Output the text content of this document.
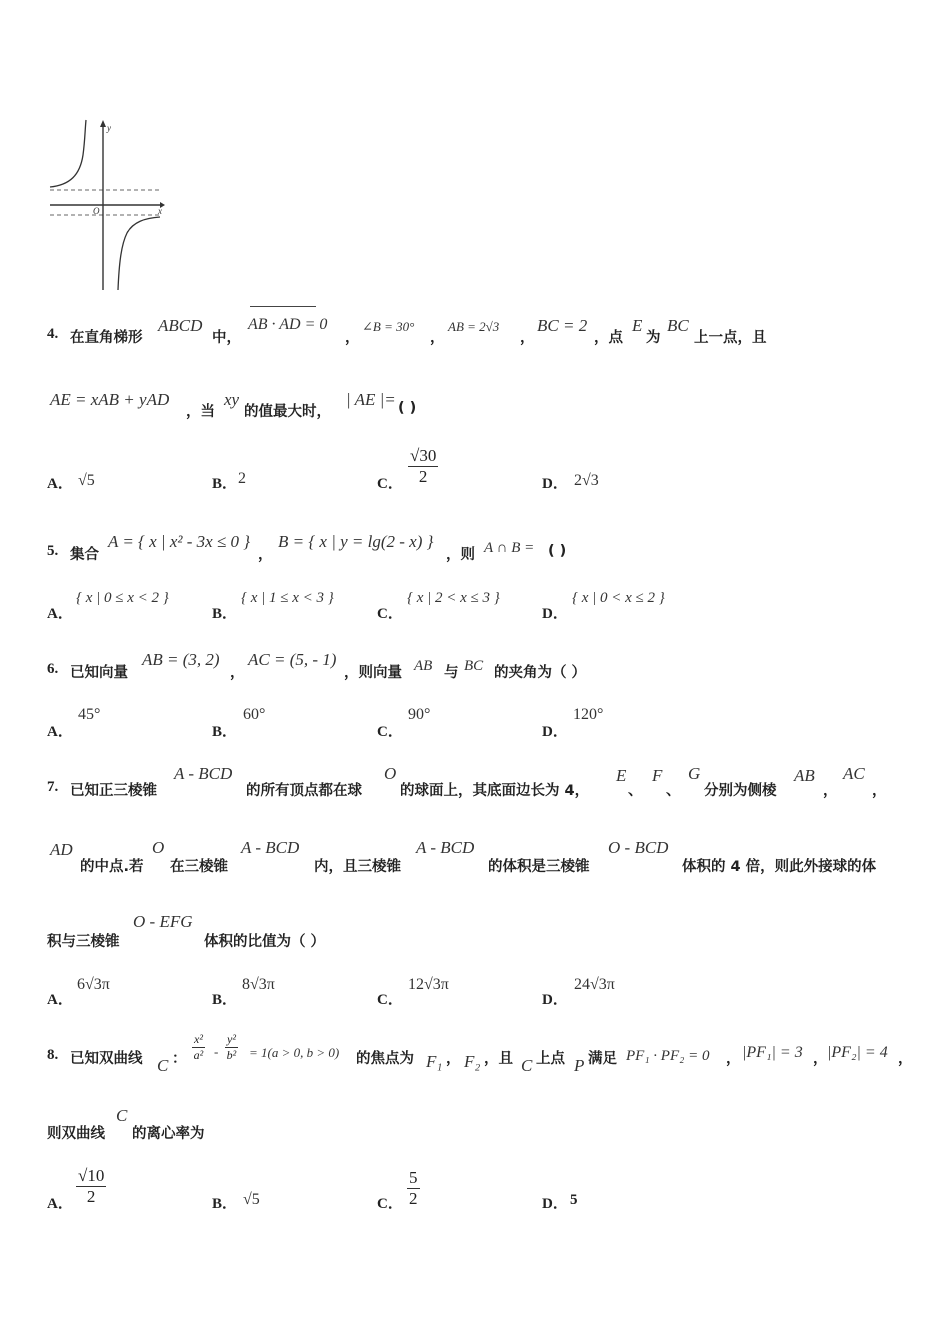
y
x
O
4. 在直角梯形
ABCD
中，
AB · AD = 0
，
∠B = 30°
，
AB = 2√3
，
BC = 2
，点
E
为
BC
上一点，且
AE = xAB + yAD
，当
xy
的值最大时，
| AE |= ( )
A． √5	B． 2	C． $\frac{√30}{2}$	D． 2√3
5. 集合
A = { x | x² - 3x ≤ 0 }
，
B = { x | y = lg(2 - x) }
，则 A ∩ B = ( )
A．
{ x | 0 ≤ x < 2 }
B．
{ x | 1 ≤ x < 3 }
C．
{ x | 2 < x ≤ 3 }
D．
{ x | 0 < x ≤ 2 }
6. 已知向量
AB = (3, 2)
，
AC = (5, - 1)
，则向量 AB 与 BC 的夹角为（ ）
A．
45°
B．
60°
C．
90°
D．
120°
7. 已知正三棱锥
A - BCD
的所有顶点都在球
O
的球面上，其底面边长为 4，
E
、
F
、
G
分别为侧棱
AB
，
AC
，
AD
的中点.若
O
在三棱锥
A - BCD
内，且三棱锥
A - BCD
的体积是三棱锥
O - BCD
体积的 4 倍，则此外接球的体
积与三棱锥
O - EFG
体积的比值为（ ）
A．
6√3π
B．
8√3π
C．
12√3π
D．
24√3π
8. 已知双曲线 C ： $\frac{\text{x²}}{\text{a²}} - \frac{\text{y²}}{\text{b²}} = 1(a > 0$, b > 0) 的焦点为 F₁ ， F₂ ，且 C 上点 P 满足 PF₁ · PF₂ = 0 ， |PF₁| = 3 ， |PF₂| = 4 ，
则双曲线
C
的离心率为
A． $\frac{√10}{2}$	B． √5	C． $\frac{5}{2}$	D． 5
